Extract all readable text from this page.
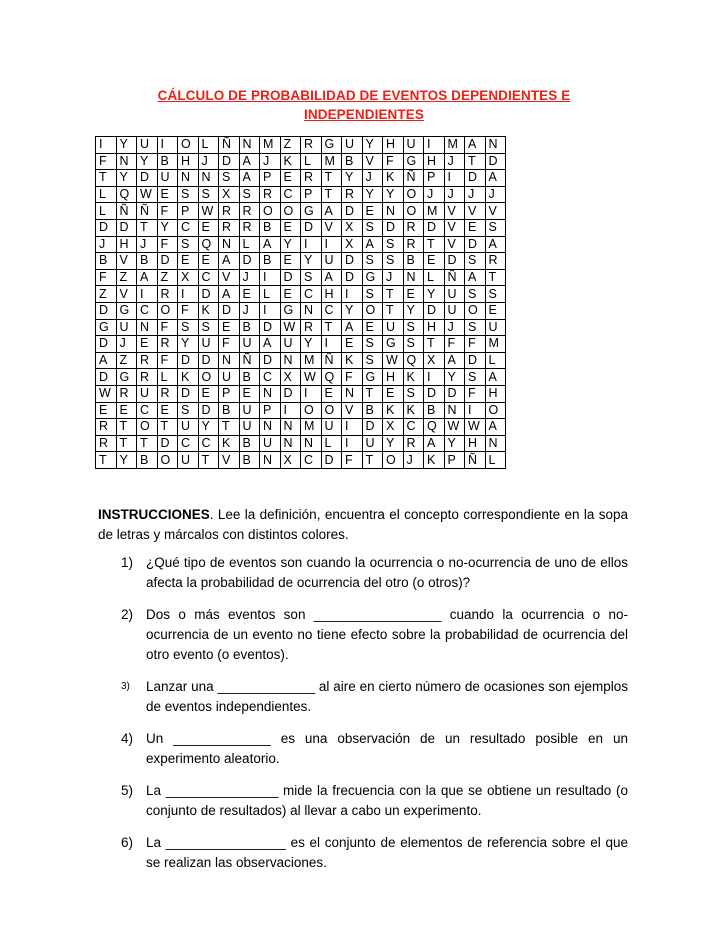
CÁLCULO DE PROBABILIDAD DE EVENTOS DEPENDIENTES E
INDEPENDIENTES
I	Y	U	I	O	L	Ñ	N	M	Z	R	G	U	Y	H	U	I	M	A	N
F	N	Y	B	H	J	D	A	J	K	L	M	B	V	F	G	H	J	T	D
T	Y	D	U	N	N	S	A	P	E	R	T	Y	J	K	Ñ	P	I	D	A
L	Q	W	E	S	S	X	S	R	C	P	T	R	Y	Y	O	J	J	J	J
L	Ñ	Ñ	F	P	W	R	R	O	O	G	A	D	E	N	O	M	V	V	V
D	D	T	Y	C	E	R	R	B	E	D	V	X	S	D	R	D	V	E	S
J	H	J	F	S	Q	N	L	A	Y	I	I	X	A	S	R	T	V	D	A
B	V	B	D	E	E	A	D	B	E	Y	U	D	S	S	B	E	D	S	R
F	Z	A	Z	X	C	V	J	I	D	S	A	D	G	J	N	L	Ñ	A	T
Z	V	I	R	I	D	A	E	L	E	C	H	I	S	T	E	Y	U	S	S
D	G	C	O	F	K	D	J	I	G	N	C	Y	O	T	Y	D	U	O	E
G	U	N	F	S	S	E	B	D	W	R	T	A	E	U	S	H	J	S	U
D	J	E	R	Y	U	F	U	A	U	Y	I	E	S	G	S	T	F	F	M
A	Z	R	F	D	D	N	Ñ	D	N	M	Ñ	K	S	W	Q	X	A	D	L
D	G	R	L	K	O	U	B	C	X	W	Q	F	G	H	K	I	Y	S	A
W	R	U	R	D	E	P	E	N	D	I	E	N	T	E	S	D	D	F	H
E	E	C	E	S	D	B	U	P	I	O	O	V	B	K	K	B	N	I	O
R	T	O	T	U	Y	T	U	N	N	M	U	I	D	X	C	Q	W	W	A
R	T	T	D	C	C	K	B	U	N	N	L	I	U	Y	R	A	Y	H	N
T	Y	B	O	U	T	V	B	N	X	C	D	F	T	O	J	K	P	Ñ	L
INSTRUCCIONES. Lee la definición, encuentra el concepto correspondiente en la sopa de letras y márcalos con distintos colores.
1) ¿Qué tipo de eventos son cuando la ocurrencia o no-ocurrencia de uno de ellos afecta la probabilidad de ocurrencia del otro (o otros)?
2) Dos o más eventos son _________________ cuando la ocurrencia o no-ocurrencia de un evento no tiene efecto sobre la probabilidad de ocurrencia del otro evento (o eventos).
3) Lanzar una _____________ al aire en cierto número de ocasiones son ejemplos de eventos independientes.
4) Un _____________ es una observación de un resultado posible en un experimento aleatorio.
5) La _______________ mide la frecuencia con la que se obtiene un resultado (o conjunto de resultados) al llevar a cabo un experimento.
6) La ________________ es el conjunto de elementos de referencia sobre el que se realizan las observaciones.
